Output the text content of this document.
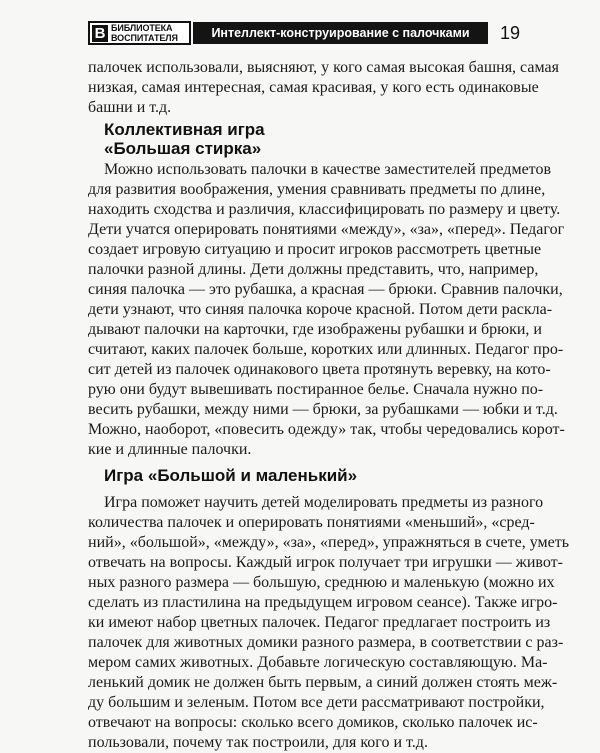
В БИБЛИОТЕКА
ВОСПИТАТЕЛЯ	Интеллект-конструирование с палочками	19
палочек использовали, выясняют, у кого самая высокая башня, самая
низкая, самая интересная, самая красивая, у кого есть одинаковые
башни и т.д.
Коллективная игра
«Большая стирка»
Можно использовать палочки в качестве заместителей предметов
для развития воображения, умения сравнивать предметы по длине,
находить сходства и различия, классифицировать по размеру и цвету.
Дети учатся оперировать понятиями «между», «за», «перед». Педагог
создает игровую ситуацию и просит игроков рассмотреть цветные
палочки разной длины. Дети должны представить, что, например,
синяя палочка — это рубашка, а красная — брюки. Сравнив палочки,
дети узнают, что синяя палочка короче красной. Потом дети раскла-
дывают палочки на карточки, где изображены рубашки и брюки, и
считают, каких палочек больше, коротких или длинных. Педагог про-
сит детей из палочек одинакового цвета протянуть веревку, на кото-
рую они будут вывешивать постиранное белье. Сначала нужно по-
весить рубашки, между ними — брюки, за рубашками — юбки и т.д.
Можно, наоборот, «повесить одежду» так, чтобы чередовались корот-
кие и длинные палочки.
Игра «Большой и маленький»
Игра поможет научить детей моделировать предметы из разного
количества палочек и оперировать понятиями «меньший», «сред-
ний», «большой», «между», «за», «перед», упражняться в счете, уметь
отвечать на вопросы. Каждый игрок получает три игрушки — живот-
ных разного размера — большую, среднюю и маленькую (можно их
сделать из пластилина на предыдущем игровом сеансе). Также игро-
ки имеют набор цветных палочек. Педагог предлагает построить из
палочек для животных домики разного размера, в соответствии с раз-
мером самих животных. Добавьте логическую составляющую. Ма-
ленький домик не должен быть первым, а синий должен стоять меж-
ду большим и зеленым. Потом все дети рассматривают постройки,
отвечают на вопросы: сколько всего домиков, сколько палочек ис-
пользовали, почему так построили, для кого и т.д.
